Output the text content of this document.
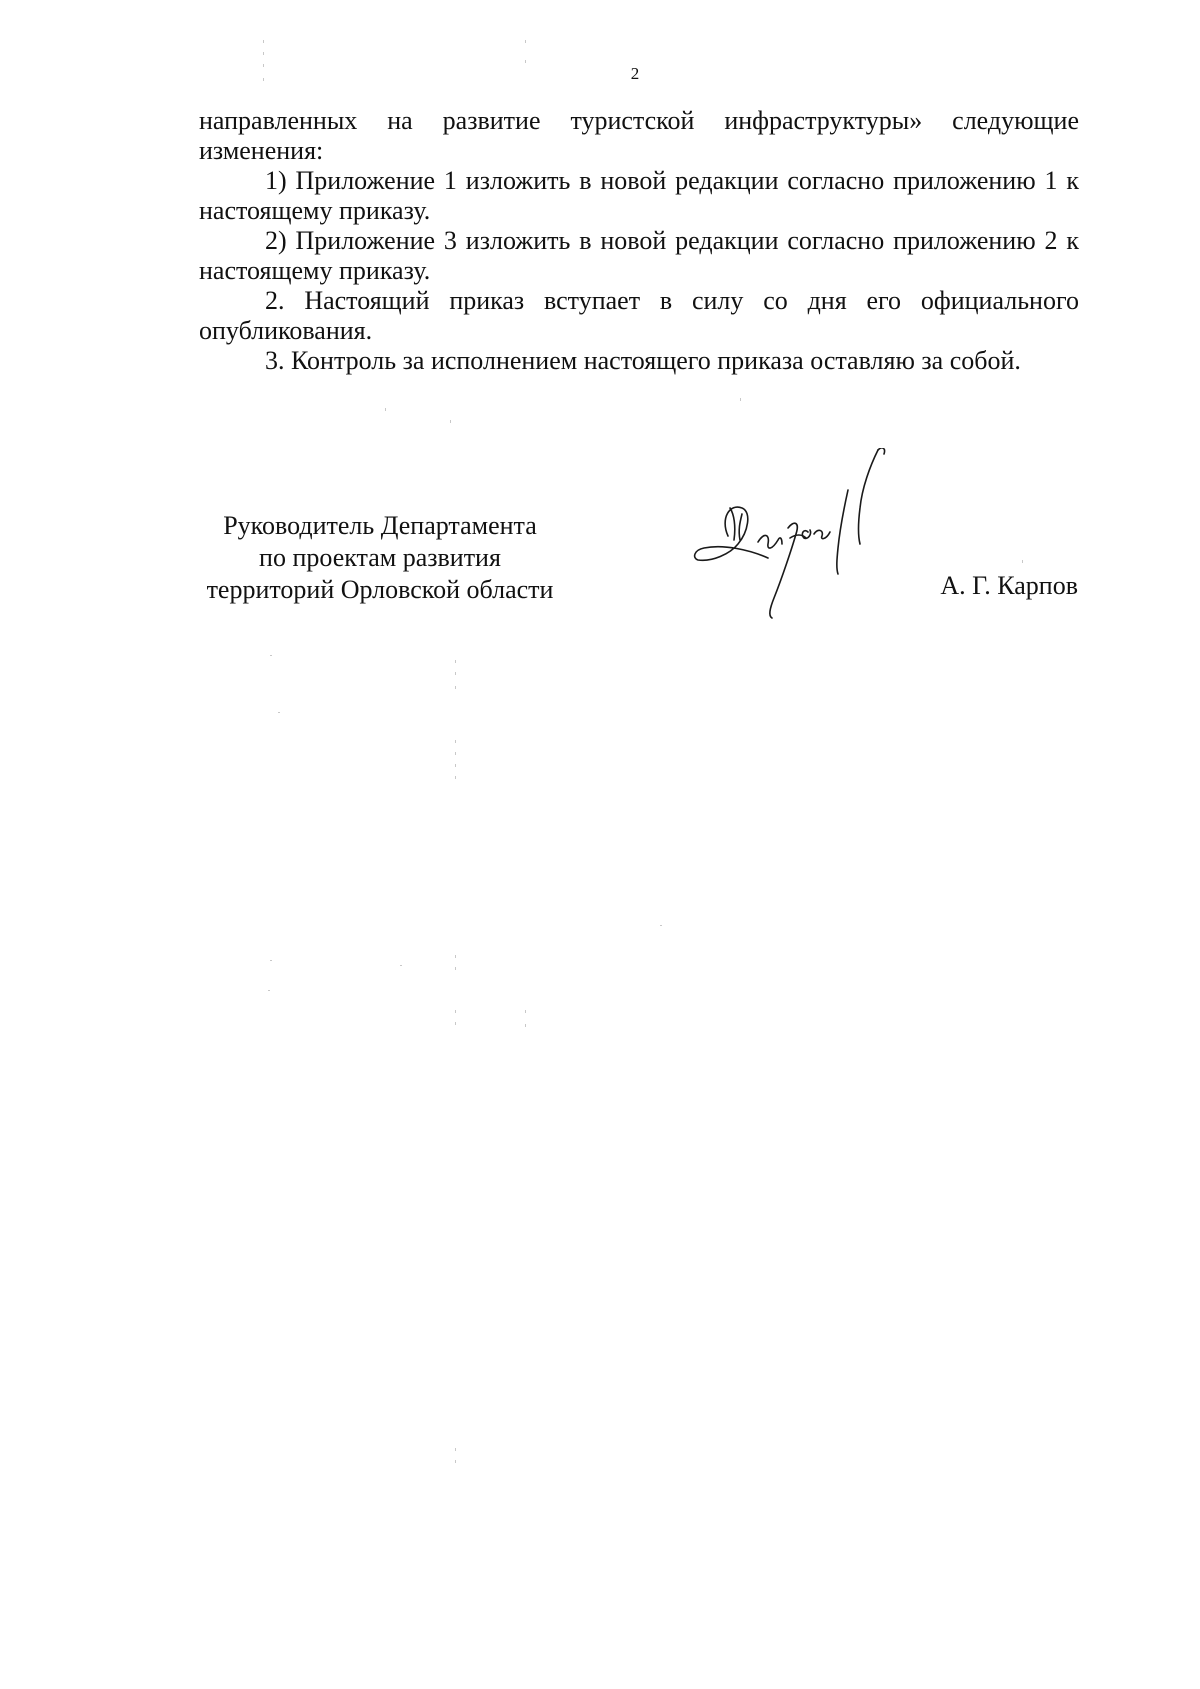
2

направленных на развитие туристской инфраструктуры» следующие изменения:

1) Приложение 1 изложить в новой редакции согласно приложению 1 к настоящему приказу.

2) Приложение 3 изложить в новой редакции согласно приложению 2 к настоящему приказу.

2. Настоящий приказ вступает в силу со дня его официального опубликования.

3. Контроль за исполнением настоящего приказа оставляю за собой.

Руководитель Департамента
по проектам развития
территорий Орловской области	А. Г. Карпов
